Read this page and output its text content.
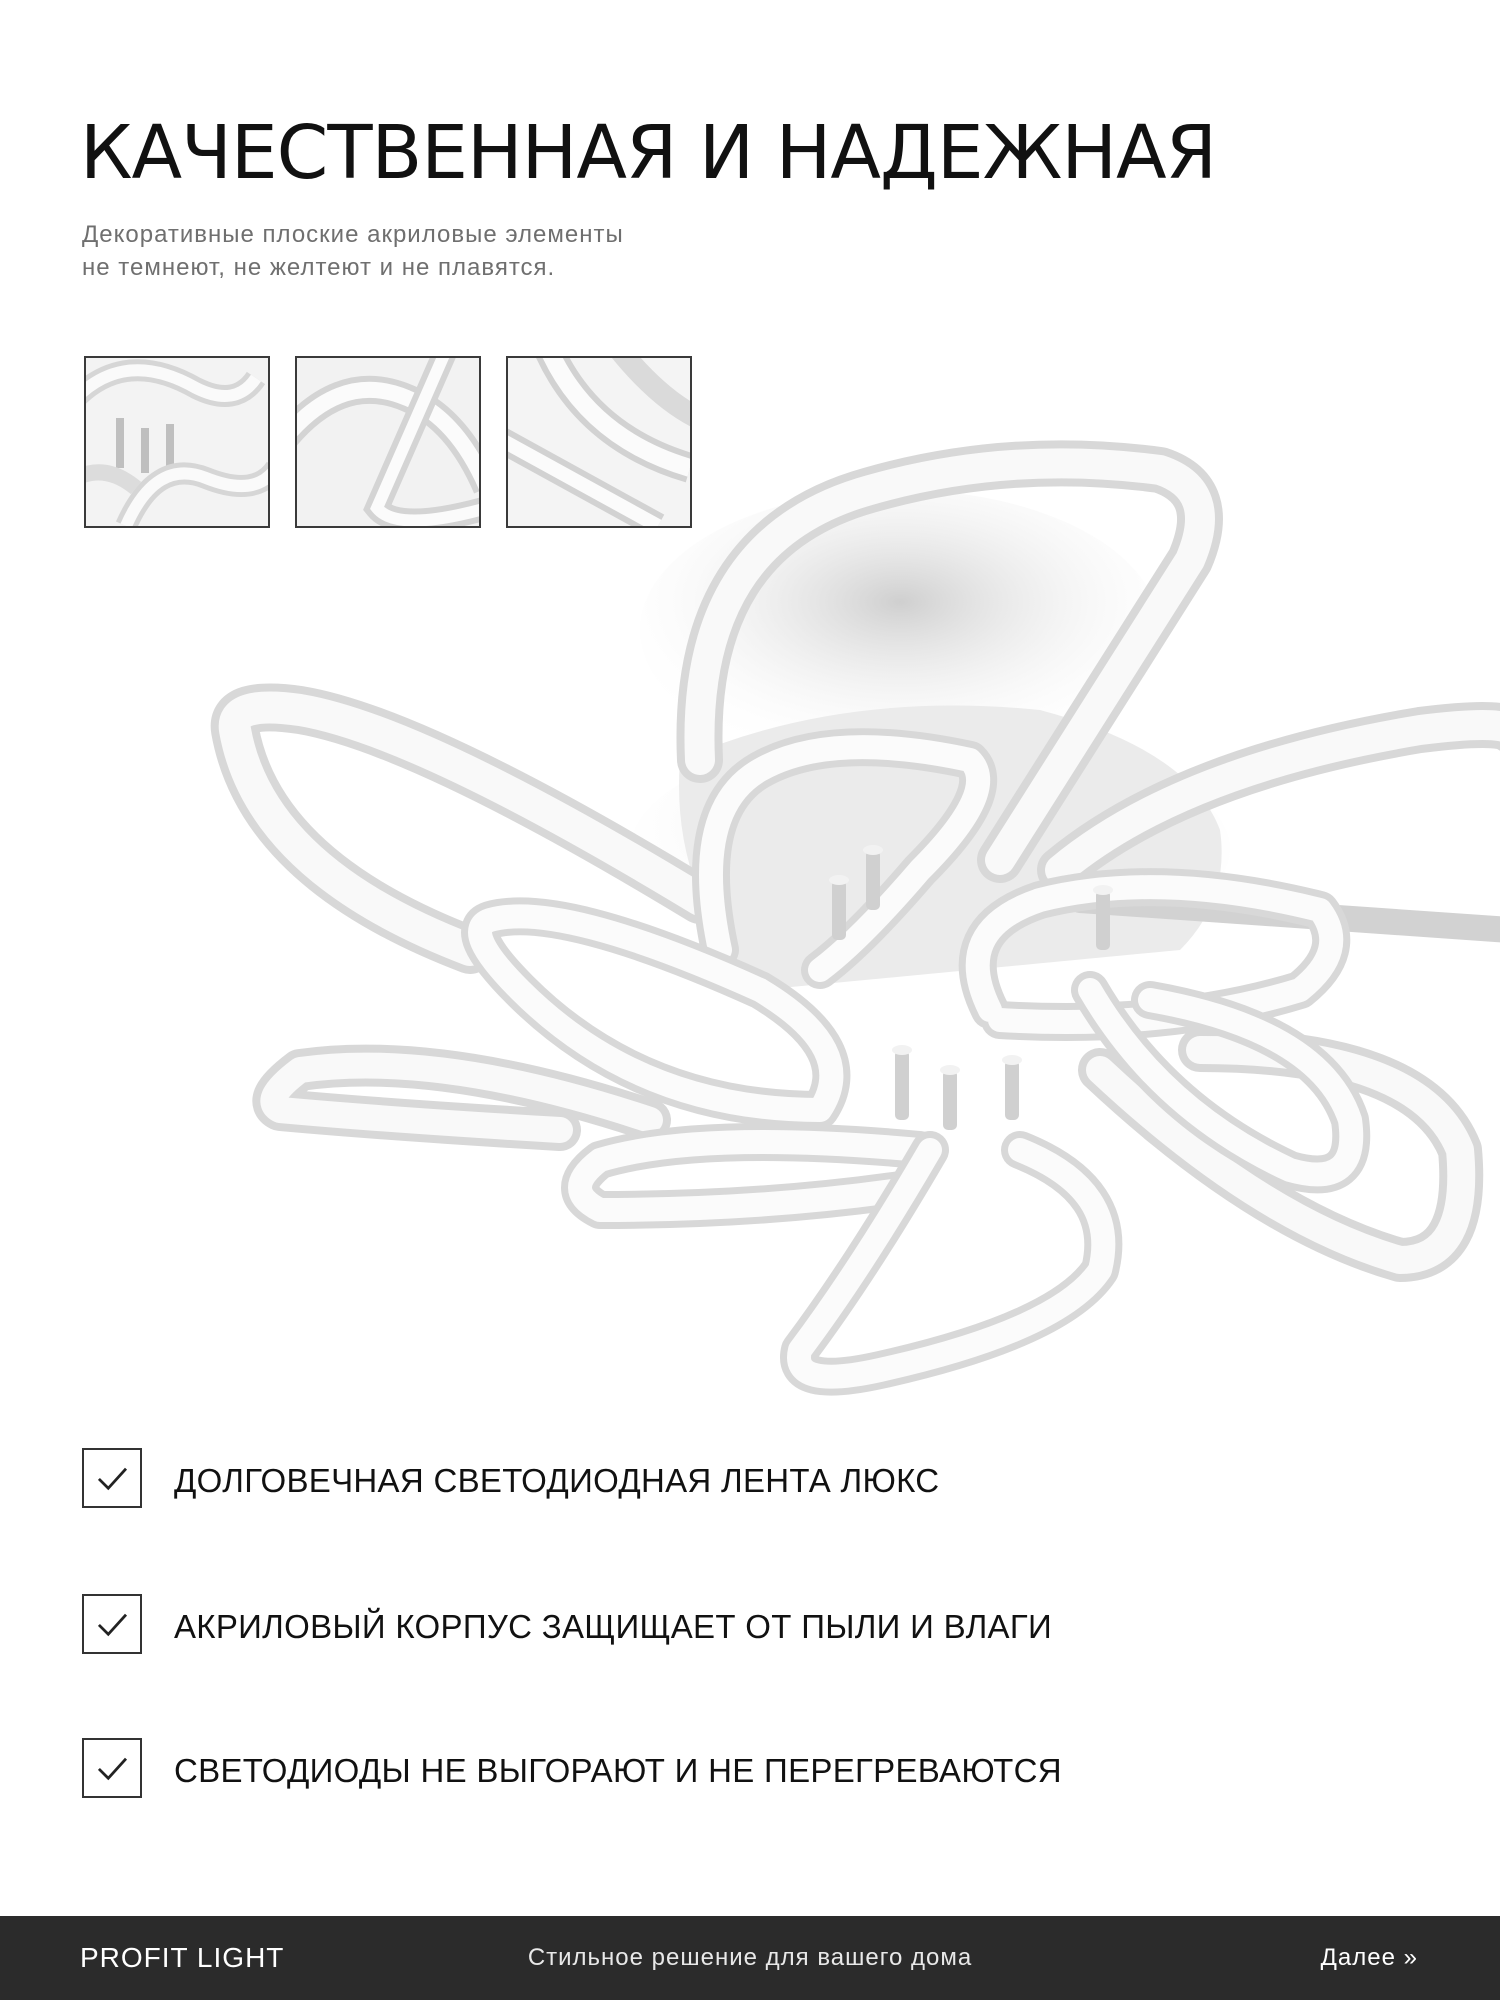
КАЧЕСТВЕННАЯ И НАДЕЖНАЯ

Декоративные плоские акриловые элементы
не темнеют, не желтеют и не плавятся.

ДОЛГОВЕЧНАЯ СВЕТОДИОДНАЯ ЛЕНТА ЛЮКС
АКРИЛОВЫЙ КОРПУС ЗАЩИЩАЕТ ОТ ПЫЛИ И ВЛАГИ
СВЕТОДИОДЫ НЕ ВЫГОРАЮТ И НЕ ПЕРЕГРЕВАЮТСЯ
PROFIT LIGHT	Стильное решение для вашего дома	Далее »
